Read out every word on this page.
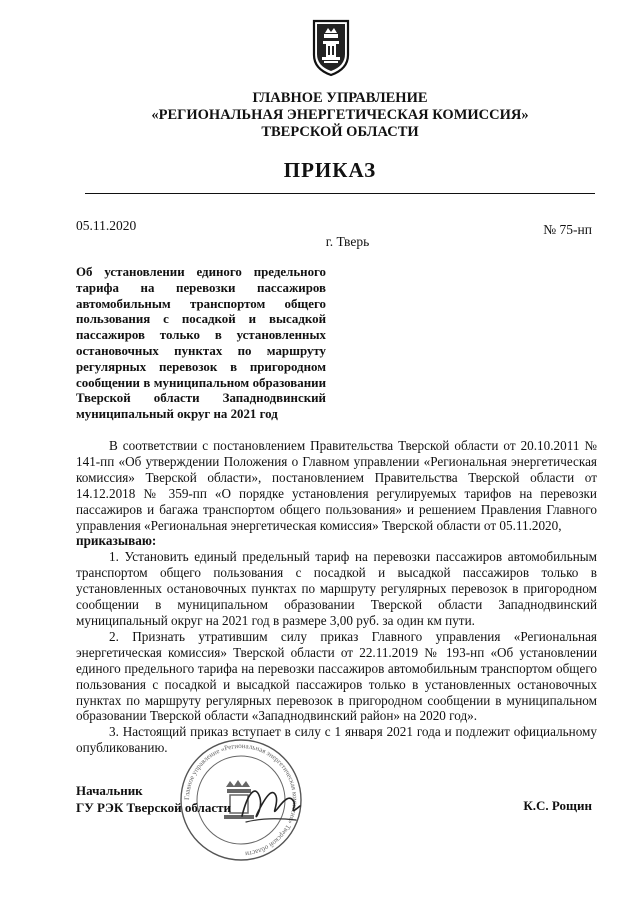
ГЛАВНОЕ УПРАВЛЕНИЕ
«РЕГИОНАЛЬНАЯ ЭНЕРГЕТИЧЕСКАЯ КОМИССИЯ»
ТВЕРСКОЙ ОБЛАСТИ
ПРИКАЗ
05.11.2020	№ 75-нп
г. Тверь
Об установлении единого предельного тарифа на перевозки пассажиров автомобильным транспортом общего пользования с посадкой и высадкой пассажиров только в установленных остановочных пунктах по маршруту регулярных перевозок в пригородном сообщении в муниципальном образовании Тверской области Западнодвинский муниципальный округ на 2021 год

В соответствии с постановлением Правительства Тверской области от 20.10.2011 № 141-пп «Об утверждении Положения о Главном управлении «Региональная энергетическая комиссия» Тверской области», постановлением Правительства Тверской области от 14.12.2018 № 359-пп «О порядке установления регулируемых тарифов на перевозки пассажиров и багажа транспортом общего пользования» и решением Правления Главного управления «Региональная энергетическая комиссия» Тверской области от 05.11.2020,

приказываю:

1. Установить единый предельный тариф на перевозки пассажиров автомобильным транспортом общего пользования с посадкой и высадкой пассажиров только в установленных остановочных пунктах по маршруту регулярных перевозок в пригородном сообщении в муниципальном образовании Тверской области Западнодвинский муниципальный округ на 2021 год в размере 3,00 руб. за один км пути.

2. Признать утратившим силу приказ Главного управления «Региональная энергетическая комиссия» Тверской области от 22.11.2019 № 193-нп «Об установлении единого предельного тарифа на перевозки пассажиров автомобильным транспортом общего пользования с посадкой и высадкой пассажиров только в установленных остановочных пунктах по маршруту регулярных перевозок в пригородном сообщении в муниципальном образовании Тверской области «Западнодвинский район» на 2020 год».

3. Настоящий приказ вступает в силу с 1 января 2021 года и подлежит официальному опубликованию.

Главное управление «Региональная энергетическая комиссия» Тверской области
Начальник
ГУ РЭК Тверской области	К.С. Рощин
